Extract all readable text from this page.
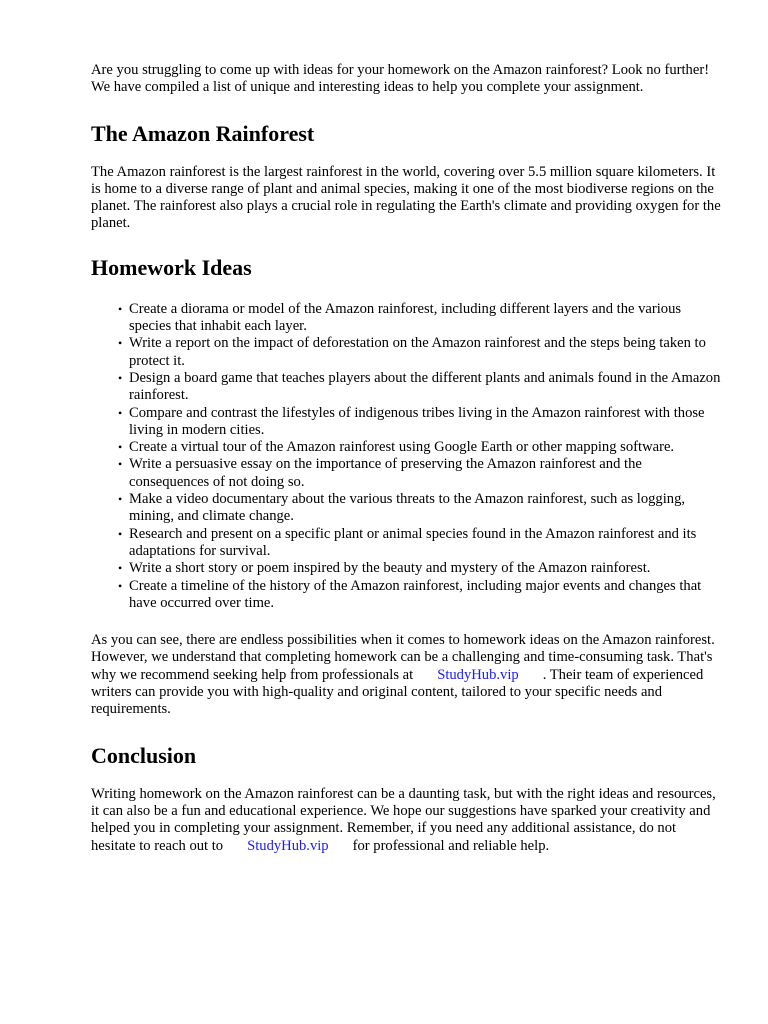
Are you struggling to come up with ideas for your homework on the Amazon rainforest? Look no further! We have compiled a list of unique and interesting ideas to help you complete your assignment.

The Amazon Rainforest

The Amazon rainforest is the largest rainforest in the world, covering over 5.5 million square kilometers. It is home to a diverse range of plant and animal species, making it one of the most biodiverse regions on the planet. The rainforest also plays a crucial role in regulating the Earth's climate and providing oxygen for the planet.

Homework Ideas
• Create a diorama or model of the Amazon rainforest, including different layers and the various species that inhabit each layer.
• Write a report on the impact of deforestation on the Amazon rainforest and the steps being taken to protect it.
• Design a board game that teaches players about the different plants and animals found in the Amazon rainforest.
• Compare and contrast the lifestyles of indigenous tribes living in the Amazon rainforest with those living in modern cities.
• Create a virtual tour of the Amazon rainforest using Google Earth or other mapping software.
• Write a persuasive essay on the importance of preserving the Amazon rainforest and the consequences of not doing so.
• Make a video documentary about the various threats to the Amazon rainforest, such as logging, mining, and climate change.
• Research and present on a specific plant or animal species found in the Amazon rainforest and its adaptations for survival.
• Write a short story or poem inspired by the beauty and mystery of the Amazon rainforest.
• Create a timeline of the history of the Amazon rainforest, including major events and changes that have occurred over time.

As you can see, there are endless possibilities when it comes to homework ideas on the Amazon rainforest. However, we understand that completing homework can be a challenging and time-consuming task. That's why we recommend seeking help from professionals at StudyHub.vip . Their team of experienced writers can provide you with high-quality and original content, tailored to your specific needs and requirements.

Conclusion

Writing homework on the Amazon rainforest can be a daunting task, but with the right ideas and resources, it can also be a fun and educational experience. We hope our suggestions have sparked your creativity and helped you in completing your assignment. Remember, if you need any additional assistance, do not hesitate to reach out to StudyHub.vip for professional and reliable help.
